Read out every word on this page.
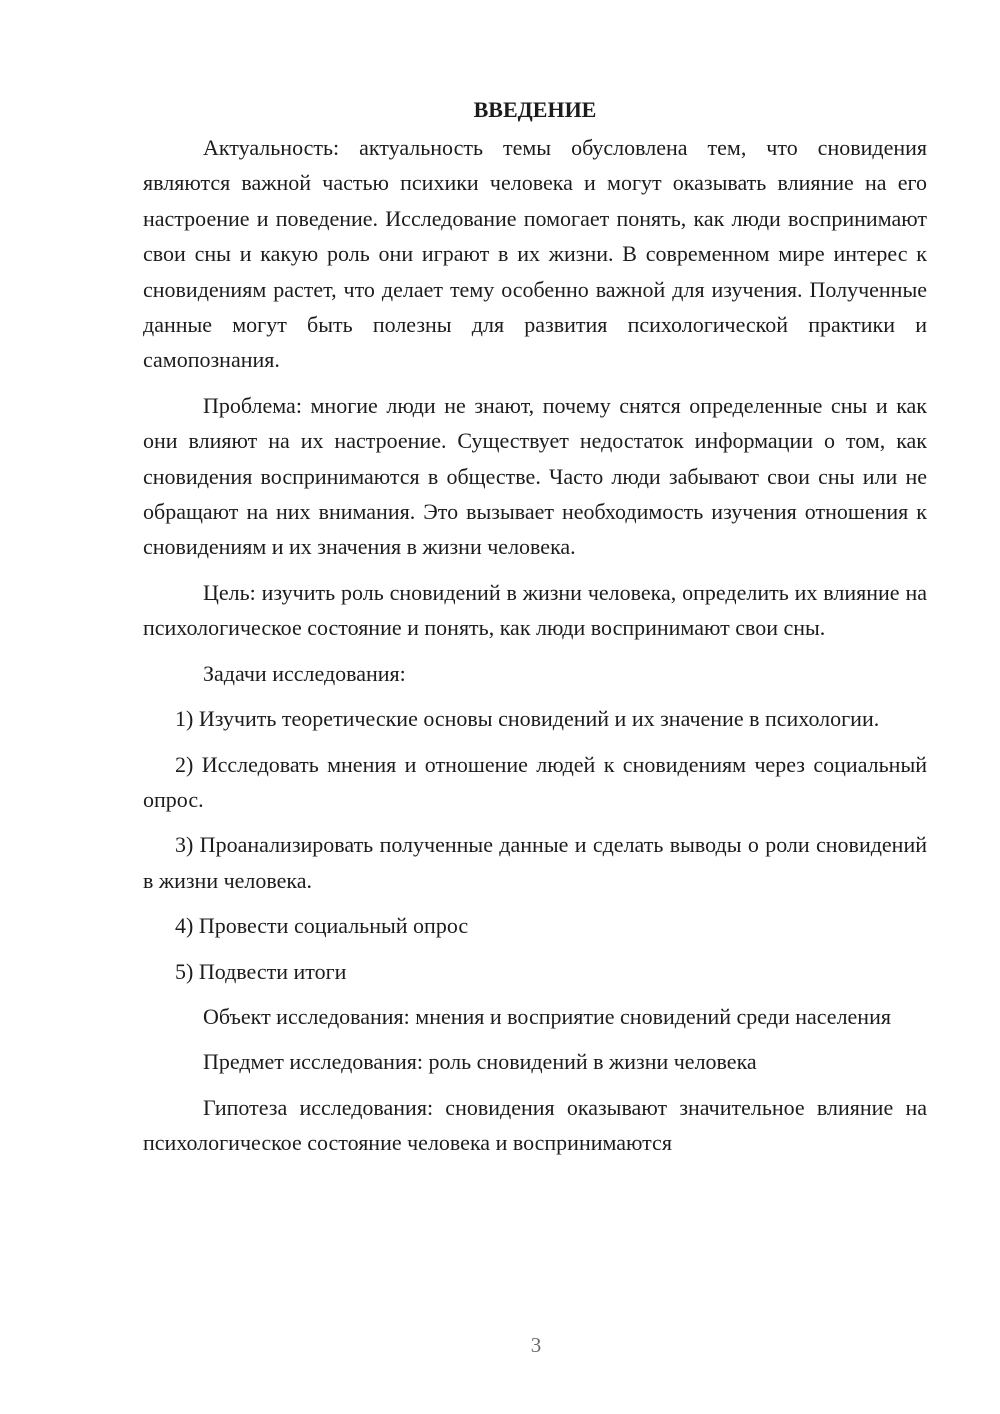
ВВЕДЕНИЕ

Актуальность: актуальность темы обусловлена тем, что сновидения являются важной частью психики человека и могут оказывать влияние на его настроение и поведение. Исследование помогает понять, как люди воспринимают свои сны и какую роль они играют в их жизни. В современном мире интерес к сновидениям растет, что делает тему особенно важной для изучения. Полученные данные могут быть полезны для развития психологической практики и самопознания.

Проблема: многие люди не знают, почему снятся определенные сны и как они влияют на их настроение. Существует недостаток информации о том, как сновидения воспринимаются в обществе. Часто люди забывают свои сны или не обращают на них внимания. Это вызывает необходимость изучения отношения к сновидениям и их значения в жизни человека.

Цель: изучить роль сновидений в жизни человека, определить их влияние на психологическое состояние и понять, как люди воспринимают свои сны.

Задачи исследования:

1) Изучить теоретические основы сновидений и их значение в психологии.

2) Исследовать мнения и отношение людей к сновидениям через социальный опрос.

3) Проанализировать полученные данные и сделать выводы о роли сновидений в жизни человека.

4) Провести социальный опрос

5) Подвести итоги

Объект исследования: мнения и восприятие сновидений среди населения

Предмет исследования: роль сновидений в жизни человека

Гипотеза исследования: сновидения оказывают значительное влияние на психологическое состояние человека и воспринимаются

3
